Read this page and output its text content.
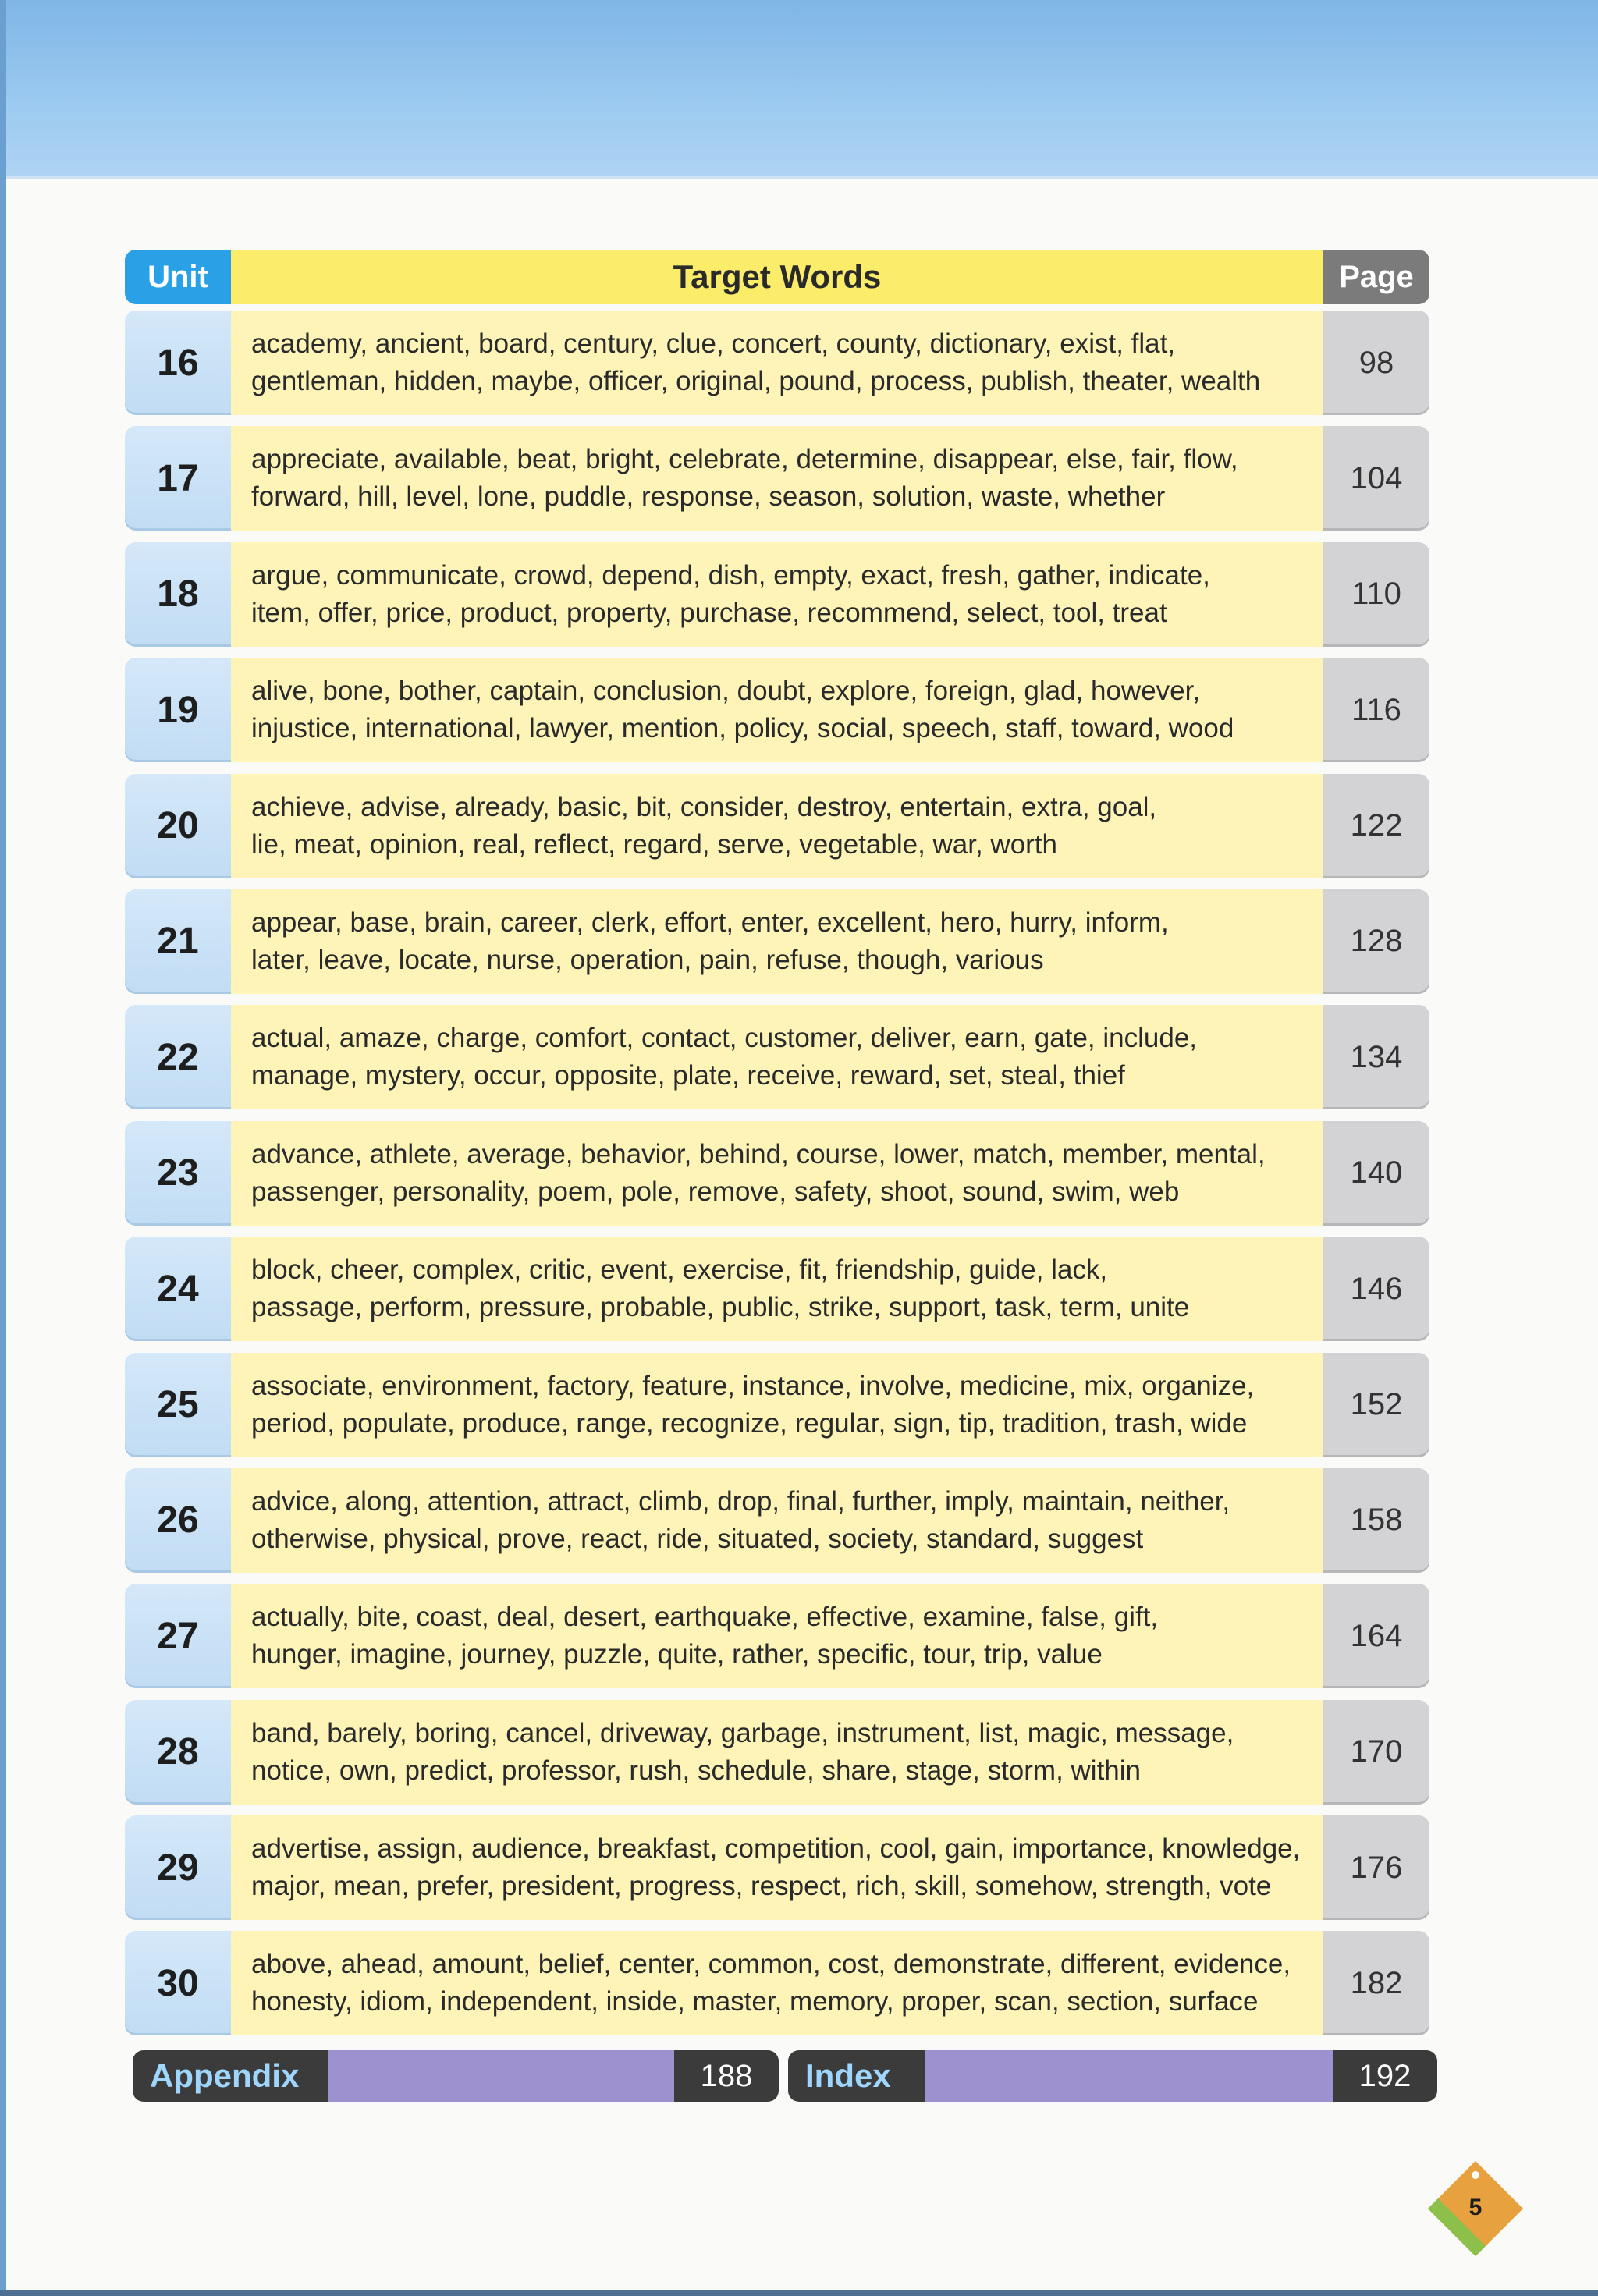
Unit	Target Words	Page
16	academy, ancient, board, century, clue, concert, county, dictionary, exist, flat,
gentleman, hidden, maybe, officer, original, pound, process, publish, theater, wealth
98
17	appreciate, available, beat, bright, celebrate, determine, disappear, else, fair, flow,
forward, hill, level, lone, puddle, response, season, solution, waste, whether
104
18	argue, communicate, crowd, depend, dish, empty, exact, fresh, gather, indicate,
item, offer, price, product, property, purchase, recommend, select, tool, treat
110
19	alive, bone, bother, captain, conclusion, doubt, explore, foreign, glad, however,
injustice, international, lawyer, mention, policy, social, speech, staff, toward, wood
116
20	achieve, advise, already, basic, bit, consider, destroy, entertain, extra, goal,
lie, meat, opinion, real, reflect, regard, serve, vegetable, war, worth
122
21	appear, base, brain, career, clerk, effort, enter, excellent, hero, hurry, inform,
later, leave, locate, nurse, operation, pain, refuse, though, various
128
22	actual, amaze, charge, comfort, contact, customer, deliver, earn, gate, include,
manage, mystery, occur, opposite, plate, receive, reward, set, steal, thief
134
23	advance, athlete, average, behavior, behind, course, lower, match, member, mental,
passenger, personality, poem, pole, remove, safety, shoot, sound, swim, web
140
24	block, cheer, complex, critic, event, exercise, fit, friendship, guide, lack,
passage, perform, pressure, probable, public, strike, support, task, term, unite
146
25	associate, environment, factory, feature, instance, involve, medicine, mix, organize,
period, populate, produce, range, recognize, regular, sign, tip, tradition, trash, wide
152
26	advice, along, attention, attract, climb, drop, final, further, imply, maintain, neither,
otherwise, physical, prove, react, ride, situated, society, standard, suggest
158
27	actually, bite, coast, deal, desert, earthquake, effective, examine, false, gift,
hunger, imagine, journey, puzzle, quite, rather, specific, tour, trip, value
164
28	band, barely, boring, cancel, driveway, garbage, instrument, list, magic, message,
notice, own, predict, professor, rush, schedule, share, stage, storm, within
170
29	advertise, assign, audience, breakfast, competition, cool, gain, importance, knowledge,
major, mean, prefer, president, progress, respect, rich, skill, somehow, strength, vote
176
30	above, ahead, amount, belief, center, common, cost, demonstrate, different, evidence,
honesty, idiom, independent, inside, master, memory, proper, scan, section, surface
182
Appendix	188	Index	192
5
